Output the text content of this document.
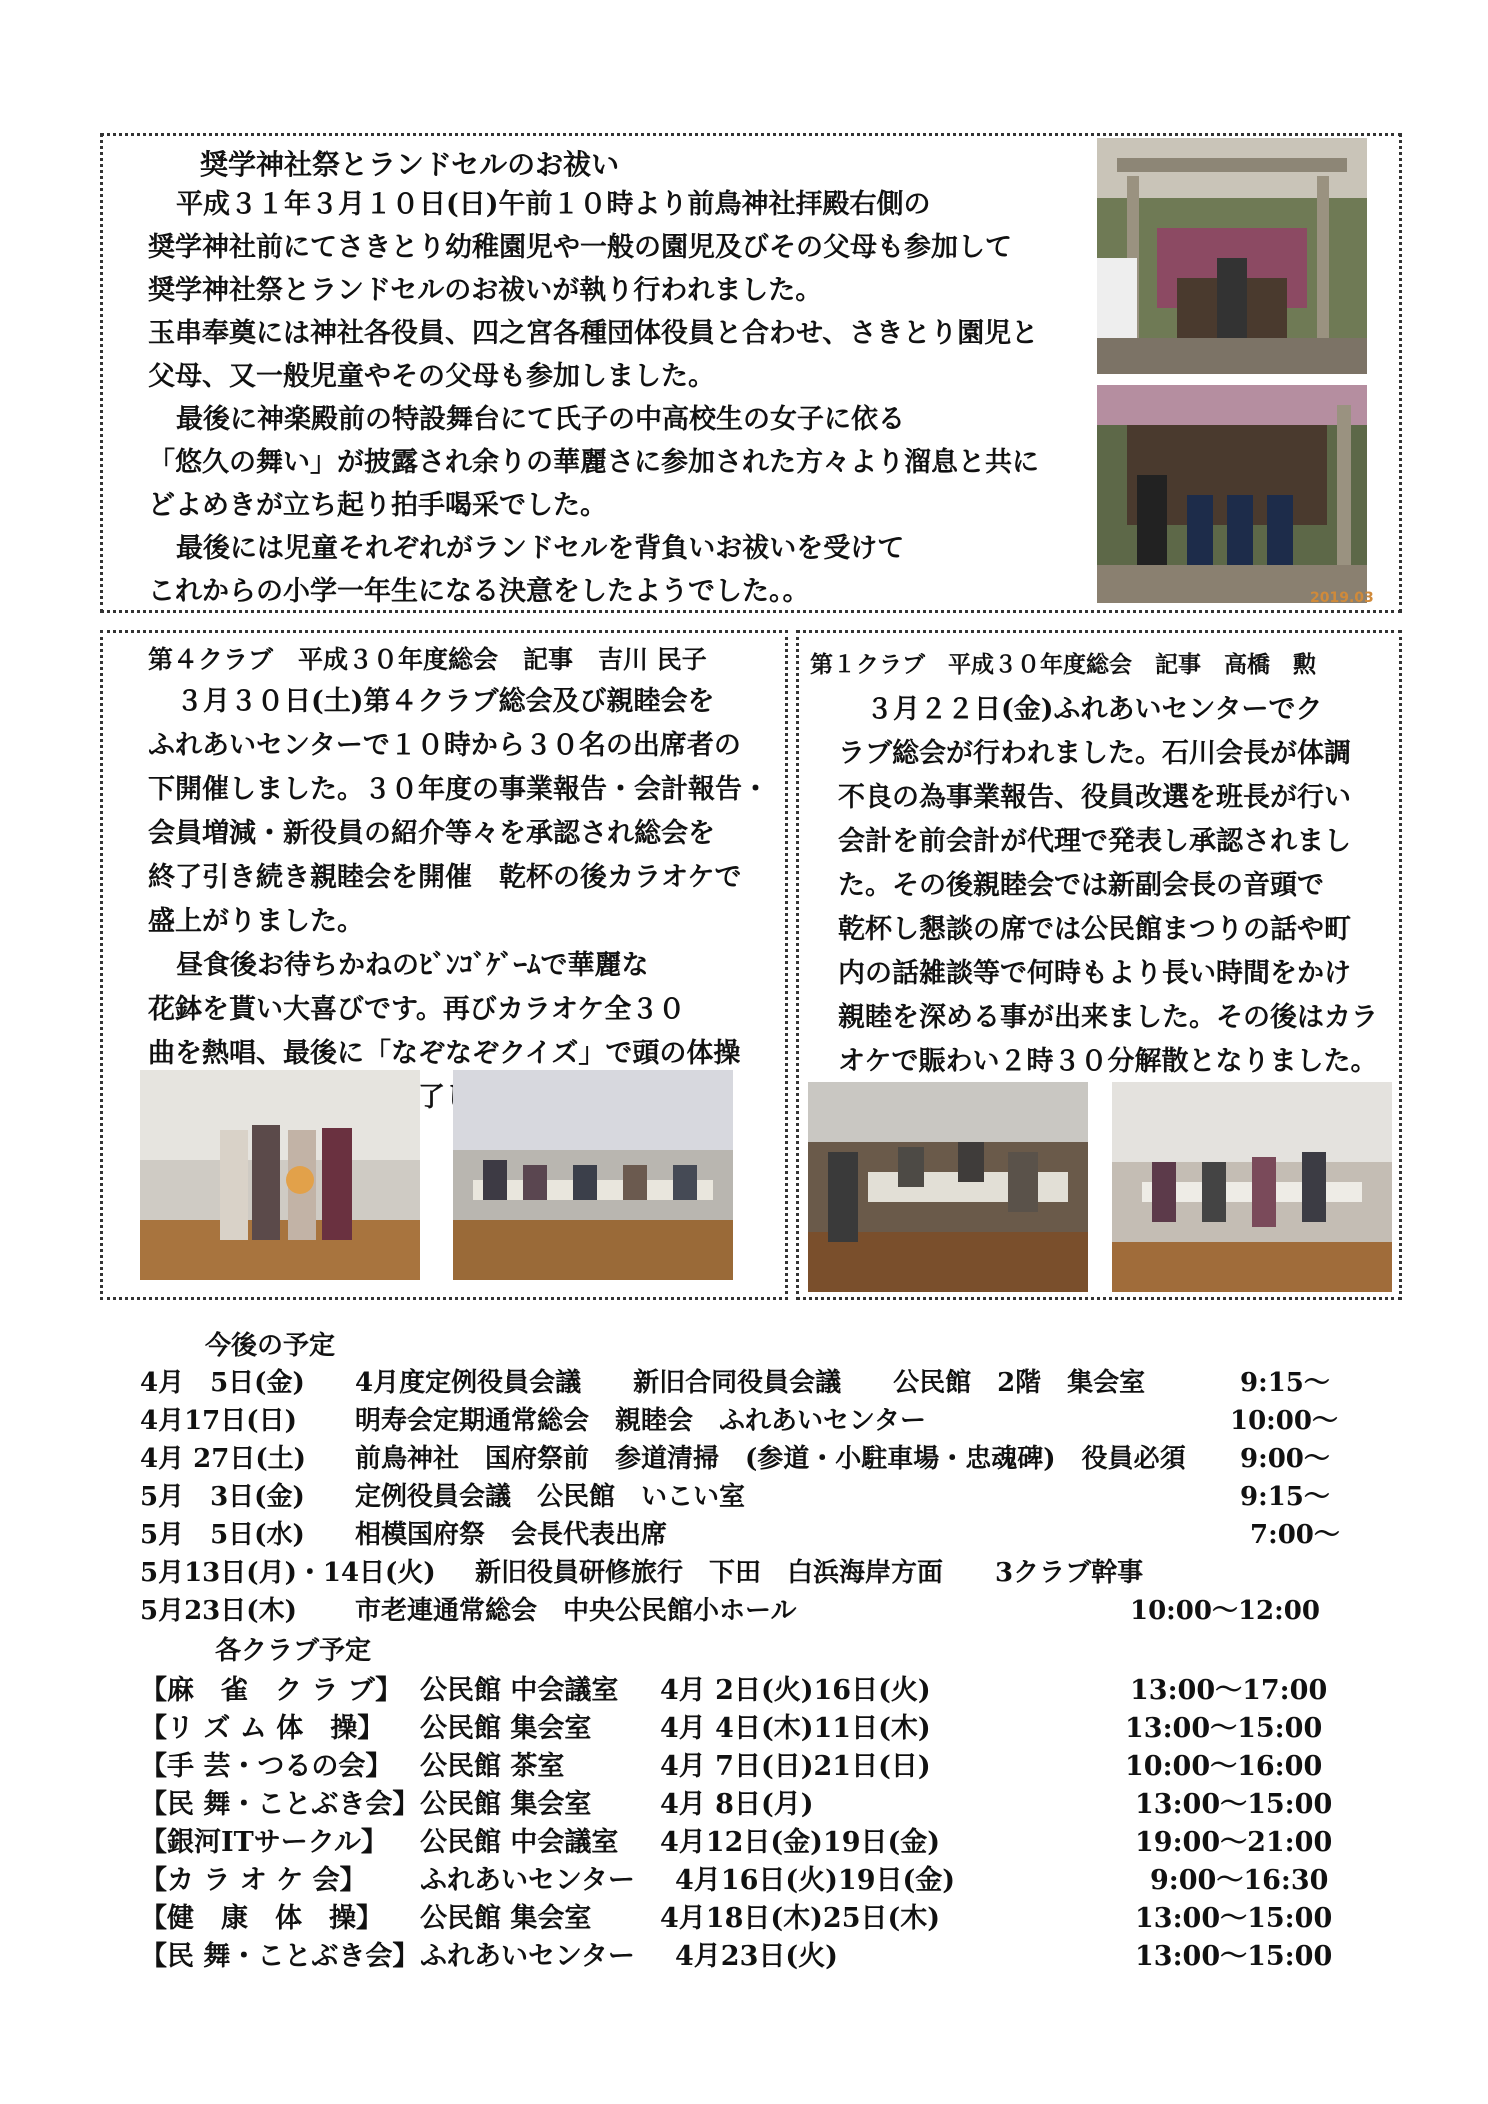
奨学神社祭とランドセルのお祓い
平成３１年３月１０日(日)午前１０時より前鳥神社拝殿右側の
奨学神社前にてさきとり幼稚園児や一般の園児及びその父母も参加して
奨学神社祭とランドセルのお祓いが執り行われました。
玉串奉奠には神社各役員、四之宮各種団体役員と合わせ、さきとり園児と
父母、又一般児童やその父母も参加しました。
最後に神楽殿前の特設舞台にて氏子の中高校生の女子に依る
「悠久の舞い」が披露され余りの華麗さに参加された方々より溜息と共に
どよめきが立ち起り拍手喝采でした。
最後には児童それぞれがランドセルを背負いお祓いを受けて
これからの小学一年生になる決意をしたようでした。。	2019.03
第４クラブ　平成３０年度総会　記事　吉川 民子
３月３０日(土)第４クラブ総会及び親睦会を
ふれあいセンターで１０時から３０名の出席者の
下開催しました。３０年度の事業報告・会計報告・
会員増減・新役員の紹介等々を承認され総会を
終了引き続き親睦会を開催　乾杯の後カラオケで
盛上がりました。
昼食後お待ちかねのﾋﾞﾝｺﾞｹﾞｰﾑで華麗な
花鉢を貰い大喜びです。再びカラオケ全３０
曲を熱唱、最後に「なぞなぞクイズ」で頭の体操
第１クラブ　平成３０年度総会　記事　高橋　勲
３月２２日(金)ふれあいセンターでク
ラブ総会が行われました。石川会長が体調
不良の為事業報告、役員改選を班長が行い
会計を前会計が代理で発表し承認されまし
た。その後親睦会では新副会長の音頭で
乾杯し懇談の席では公民館まつりの話や町
内の話雑談等で何時もより長い時間をかけ
親睦を深める事が出来ました。その後はカラ
オケで賑わい２時３０分解散となりました。
今後の予定
4月　5日(金) 4月度定例役員会議　　新旧合同役員会議　　公民館　2階　集会室	9:15～
4月17日(日) 明寿会定期通常総会　親睦会　ふれあいセンター	10:00～
4月 27日(土) 前鳥神社　国府祭前　参道清掃　(参道・小駐車場・忠魂碑)　役員必須 9:00～
5月　3日(金) 定例役員会議　公民館　いこい室	9:15～
5月　5日(水) 相模国府祭　会長代表出席	7:00～
5月13日(月)・14日(火) 新旧役員研修旅行　下田　白浜海岸方面　　3クラブ幹事
5月23日(木) 市老連通常総会　中央公民館小ホール	10:00～12:00
各クラブ予定
【麻　雀　ク ラ ブ】 公民館 中会議室 4月 2日(火)16日(火)	13:00～17:00
【リ ズ ム 体　操】 公民館 集会室	4月 4日(木)11日(木)	13:00～15:00
【手 芸・つるの会】 公民館 茶室	4月 7日(日)21日(日)	10:00～16:00
【民 舞・ことぶき会】 公民館 集会室	4月 8日(月)	13:00～15:00
【銀河ITサークル】 公民館 中会議室 4月12日(金)19日(金)	19:00～21:00
【カ ラ オ ケ 会】 ふれあいセンター 4月16日(火)19日(金)	9:00～16:30
【健　康　体　操】 公民館 集会室	4月18日(木)25日(木)	13:00～15:00
【民 舞・ことぶき会】 ふれあいセンター 4月23日(火)	13:00～15:00
